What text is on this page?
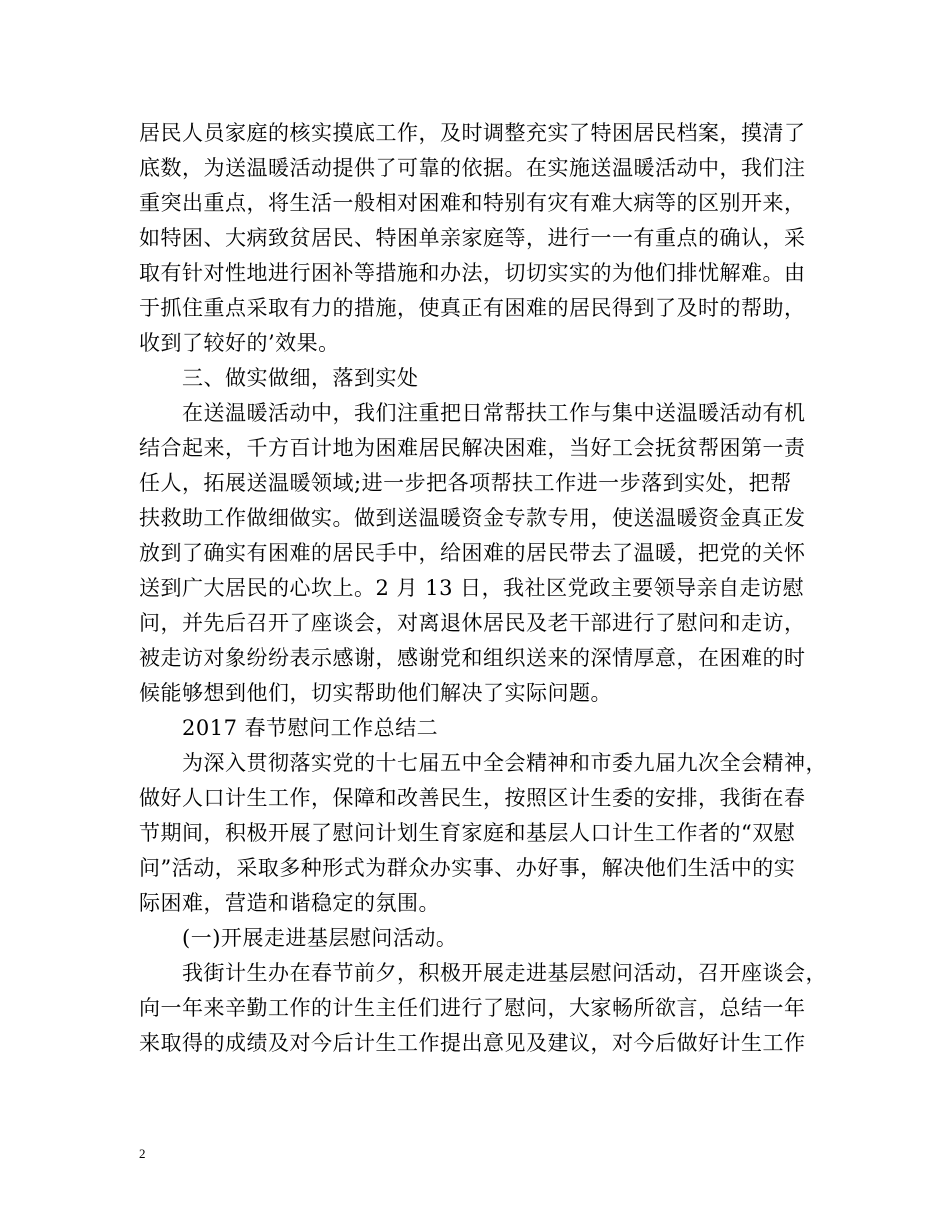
居民人员家庭的核实摸底工作，及时调整充实了特困居民档案，摸清了
底数，为送温暖活动提供了可靠的依据。在实施送温暖活动中，我们注
重突出重点，将生活一般相对困难和特别有灾有难大病等的区别开来，
如特困、大病致贫居民、特困单亲家庭等，进行一一有重点的确认，采
取有针对性地进行困补等措施和办法，切切实实的为他们排忧解难。由
于抓住重点采取有力的措施，使真正有困难的居民得到了及时的帮助，
收到了较好的’效果。
三、做实做细，落到实处
在送温暖活动中，我们注重把日常帮扶工作与集中送温暖活动有机
结合起来，千方百计地为困难居民解决困难，当好工会抚贫帮困第一责
任人，拓展送温暖领域;进一步把各项帮扶工作进一步落到实处，把帮
扶救助工作做细做实。做到送温暖资金专款专用，使送温暖资金真正发
放到了确实有困难的居民手中，给困难的居民带去了温暖，把党的关怀
送到广大居民的心坎上。2 月 13 日，我社区党政主要领导亲自走访慰
问，并先后召开了座谈会，对离退休居民及老干部进行了慰问和走访，
被走访对象纷纷表示感谢，感谢党和组织送来的深情厚意，在困难的时
候能够想到他们，切实帮助他们解决了实际问题。
2017 春节慰问工作总结二
为深入贯彻落实党的十七届五中全会精神和市委九届九次全会精神，
做好人口计生工作，保障和改善民生，按照区计生委的安排，我街在春
节期间，积极开展了慰问计划生育家庭和基层人口计生工作者的“双慰
问”活动，采取多种形式为群众办实事、办好事，解决他们生活中的实
际困难，营造和谐稳定的氛围。
(一)开展走进基层慰问活动。
我街计生办在春节前夕，积极开展走进基层慰问活动，召开座谈会，
向一年来辛勤工作的计生主任们进行了慰问，大家畅所欲言，总结一年
来取得的成绩及对今后计生工作提出意见及建议，对今后做好计生工作
2
